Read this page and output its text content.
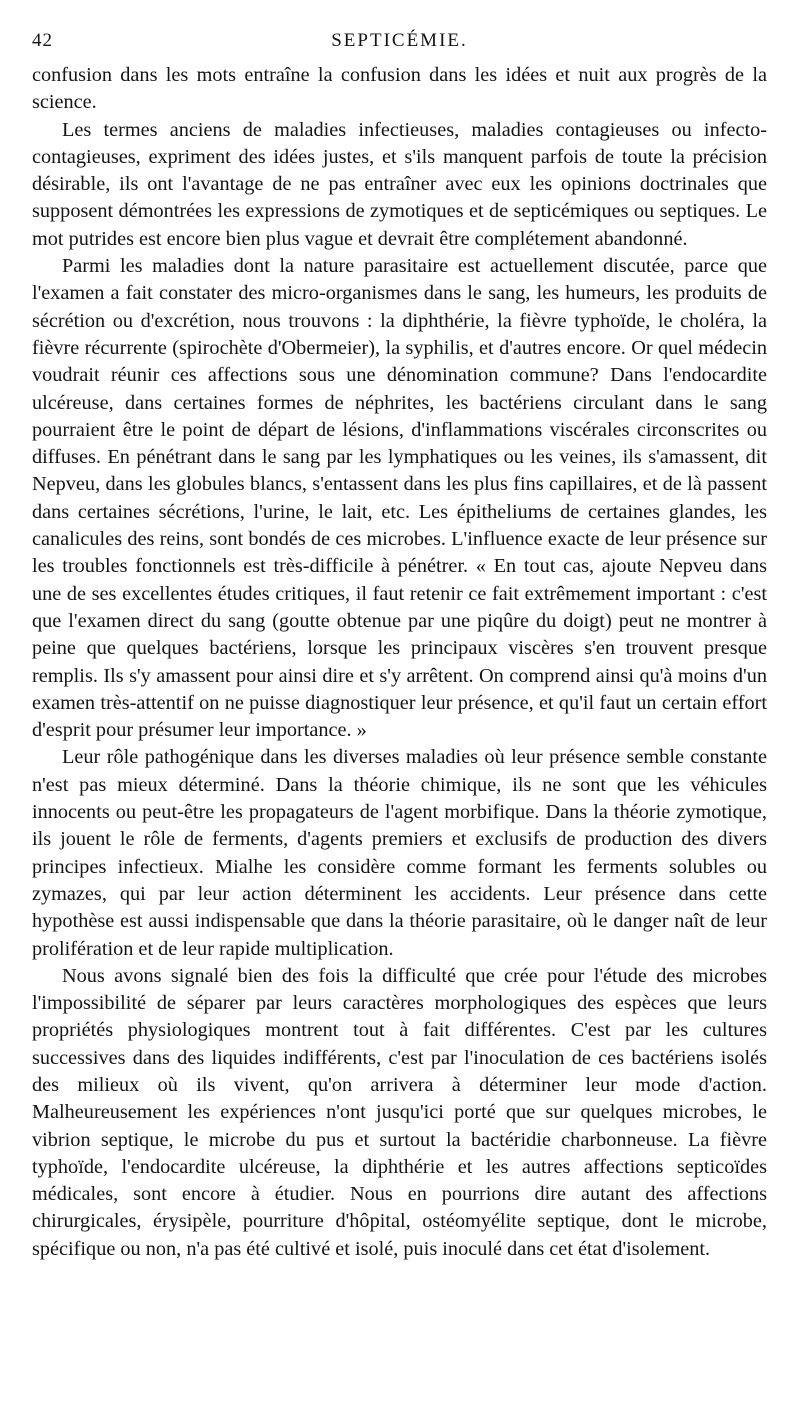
42	SEPTICÉMIE.

confusion dans les mots entraîne la confusion dans les idées et nuit aux progrès de la science.

Les termes anciens de maladies infectieuses, maladies contagieuses ou infecto-contagieuses, expriment des idées justes, et s'ils manquent parfois de toute la précision désirable, ils ont l'avantage de ne pas entraîner avec eux les opinions doctrinales que supposent démontrées les expressions de zymotiques et de septicémiques ou septiques. Le mot putrides est encore bien plus vague et devrait être complétement abandonné.

Parmi les maladies dont la nature parasitaire est actuellement discutée, parce que l'examen a fait constater des micro-organismes dans le sang, les humeurs, les produits de sécrétion ou d'excrétion, nous trouvons : la diphthérie, la fièvre typhoïde, le choléra, la fièvre récurrente (spirochète d'Obermeier), la syphilis, et d'autres encore. Or quel médecin voudrait réunir ces affections sous une dénomination commune? Dans l'endocardite ulcéreuse, dans certaines formes de néphrites, les bactériens circulant dans le sang pourraient être le point de départ de lésions, d'inflammations viscérales circonscrites ou diffuses. En pénétrant dans le sang par les lymphatiques ou les veines, ils s'amassent, dit Nepveu, dans les globules blancs, s'entassent dans les plus fins capillaires, et de là passent dans certaines sécrétions, l'urine, le lait, etc. Les épitheliums de certaines glandes, les canalicules des reins, sont bondés de ces microbes. L'influence exacte de leur présence sur les troubles fonctionnels est très-difficile à pénétrer. « En tout cas, ajoute Nepveu dans une de ses excellentes études critiques, il faut retenir ce fait extrêmement important : c'est que l'examen direct du sang (goutte obtenue par une piqûre du doigt) peut ne montrer à peine que quelques bactériens, lorsque les principaux viscères s'en trouvent presque remplis. Ils s'y amassent pour ainsi dire et s'y arrêtent. On comprend ainsi qu'à moins d'un examen très-attentif on ne puisse diagnostiquer leur présence, et qu'il faut un certain effort d'esprit pour présumer leur importance. »

Leur rôle pathogénique dans les diverses maladies où leur présence semble constante n'est pas mieux déterminé. Dans la théorie chimique, ils ne sont que les véhicules innocents ou peut-être les propagateurs de l'agent morbifique. Dans la théorie zymotique, ils jouent le rôle de ferments, d'agents premiers et exclusifs de production des divers principes infectieux. Mialhe les considère comme formant les ferments solubles ou zymazes, qui par leur action déterminent les accidents. Leur présence dans cette hypothèse est aussi indispensable que dans la théorie parasitaire, où le danger naît de leur prolifération et de leur rapide multiplication.

Nous avons signalé bien des fois la difficulté que crée pour l'étude des microbes l'impossibilité de séparer par leurs caractères morphologiques des espèces que leurs propriétés physiologiques montrent tout à fait différentes. C'est par les cultures successives dans des liquides indifférents, c'est par l'inoculation de ces bactériens isolés des milieux où ils vivent, qu'on arrivera à déterminer leur mode d'action. Malheureusement les expériences n'ont jusqu'ici porté que sur quelques microbes, le vibrion septique, le microbe du pus et surtout la bactéridie charbonneuse. La fièvre typhoïde, l'endocardite ulcéreuse, la diphthérie et les autres affections septicoïdes médicales, sont encore à étudier. Nous en pourrions dire autant des affections chirurgicales, érysipèle, pourriture d'hôpital, ostéomyélite septique, dont le microbe, spécifique ou non, n'a pas été cultivé et isolé, puis inoculé dans cet état d'isolement.
